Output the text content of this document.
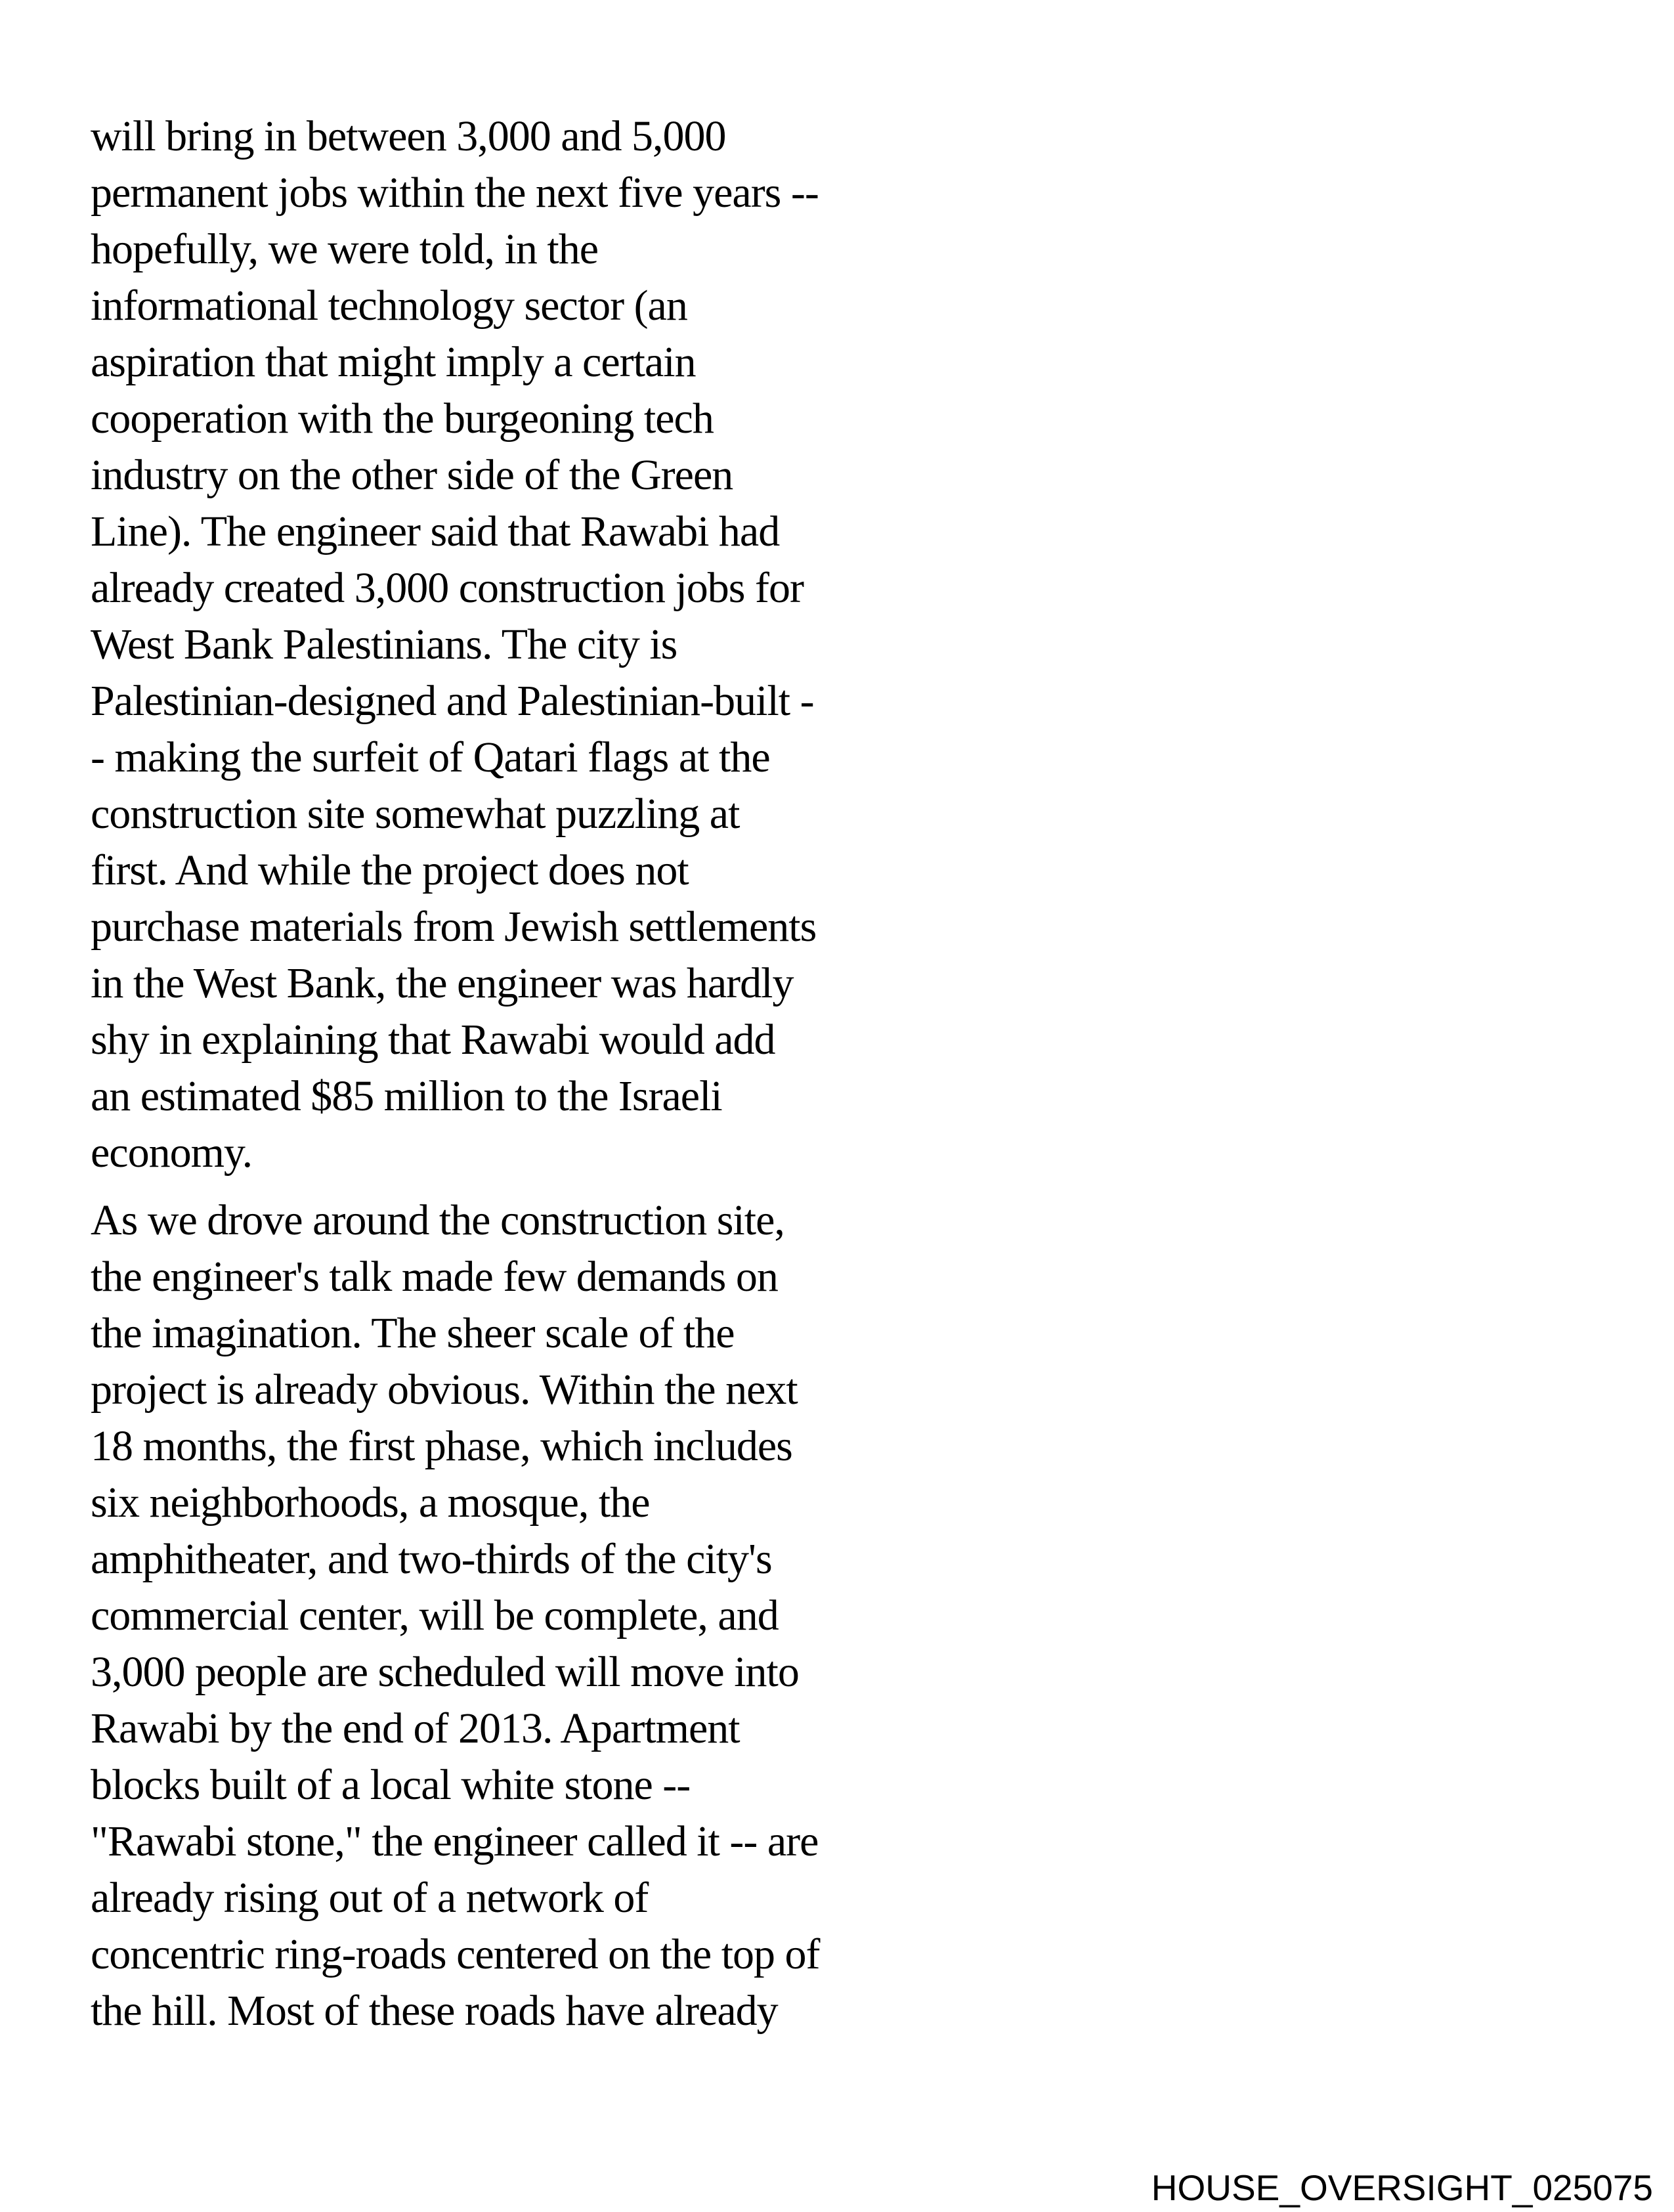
will bring in between 3,000 and 5,000
permanent jobs within the next five years --
hopefully, we were told, in the
informational technology sector (an
aspiration that might imply a certain
cooperation with the burgeoning tech
industry on the other side of the Green
Line). The engineer said that Rawabi had
already created 3,000 construction jobs for
West Bank Palestinians. The city is
Palestinian-designed and Palestinian-built -
- making the surfeit of Qatari flags at the
construction site somewhat puzzling at
first. And while the project does not
purchase materials from Jewish settlements
in the West Bank, the engineer was hardly
shy in explaining that Rawabi would add
an estimated $85 million to the Israeli
economy.

As we drove around the construction site,
the engineer's talk made few demands on
the imagination. The sheer scale of the
project is already obvious. Within the next
18 months, the first phase, which includes
six neighborhoods, a mosque, the
amphitheater, and two-thirds of the city's
commercial center, will be complete, and
3,000 people are scheduled will move into
Rawabi by the end of 2013. Apartment
blocks built of a local white stone --
"Rawabi stone," the engineer called it -- are
already rising out of a network of
concentric ring-roads centered on the top of
the hill. Most of these roads have already

HOUSE_OVERSIGHT_025075
